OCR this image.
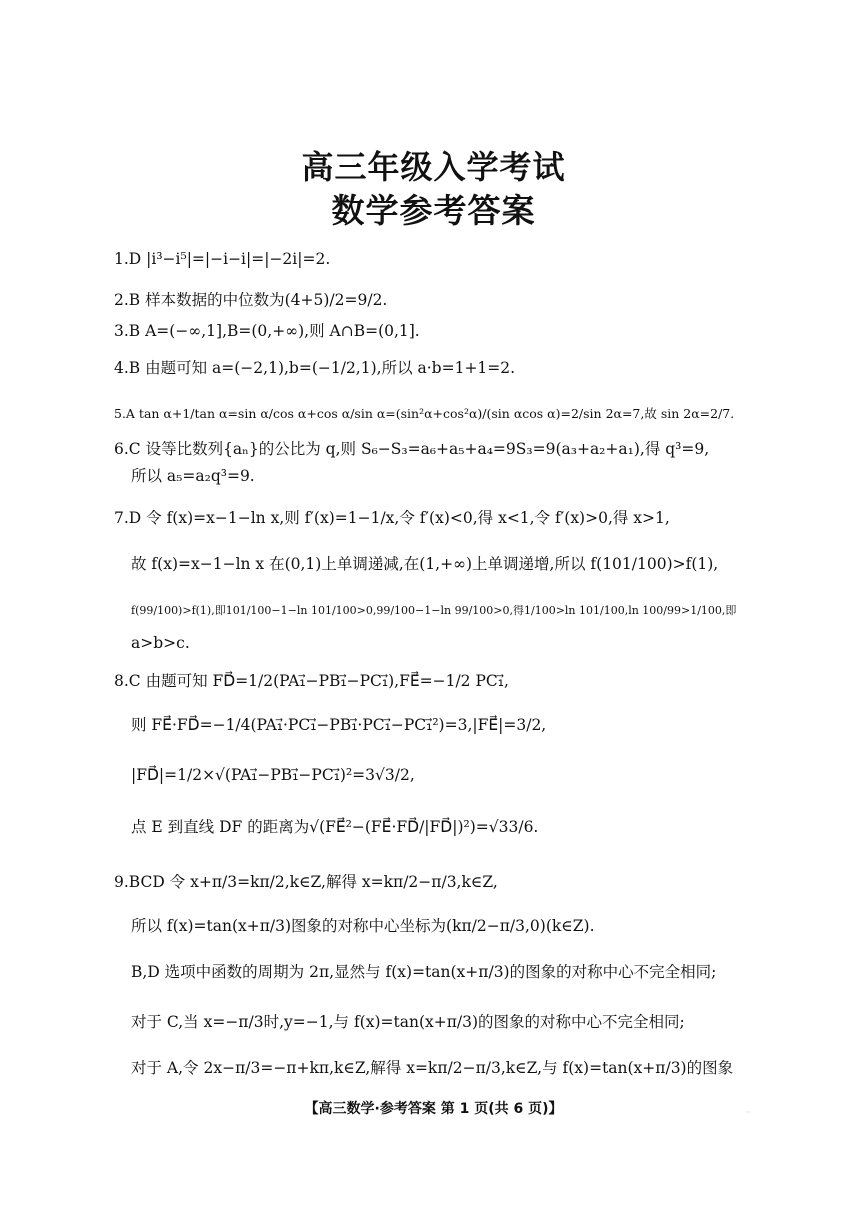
高三年级入学考试
数学参考答案
1.D |i³−i⁵|=|−i−i|=|−2i|=2.
2.B 样本数据的中位数为(4+5)/2=9/2.
3.B A=(−∞,1],B=(0,+∞),则 A∩B=(0,1].
4.B 由题可知 a=(−2,1),b=(−1/2,1),所以 a·b=1+1=2.
5.A tan α+1/tan α=sin α/cos α+cos α/sin α=(sin²α+cos²α)/(sin αcos α)=2/sin 2α=7,故 sin 2α=2/7.
6.C 设等比数列{aₙ}的公比为 q,则 S₆−S₃=a₆+a₅+a₄=9S₃=9(a₃+a₂+a₁),得 q³=9,
所以 a₅=a₂q³=9.
7.D 令 f(x)=x−1−ln x,则 f′(x)=1−1/x,令 f′(x)<0,得 x<1,令 f′(x)>0,得 x>1,
故 f(x)=x−1−ln x 在(0,1)上单调递减,在(1,+∞)上单调递增,所以 f(101/100)>f(1),
f(99/100)>f(1),即101/100−1−ln 101/100>0,99/100−1−ln 99/100>0,得1/100>ln 101/100,ln 100/99>1/100,即
a>b>c.
8.C 由题可知 FD⃗=1/2(PA₁⃗−PB₁⃗−PC₁⃗),FE⃗=−1/2 PC₁⃗,
则 FE⃗·FD⃗=−1/4(PA₁⃗·PC₁⃗−PB₁⃗·PC₁⃗−PC₁⃗²)=3,|FE⃗|=3/2,
|FD⃗|=1/2×√(PA₁⃗−PB₁⃗−PC₁⃗)²=3√3/2,
点 E 到直线 DF 的距离为√(FE⃗²−(FE⃗·FD⃗/|FD⃗|)²)=√33/6.
9.BCD 令 x+π/3=kπ/2,k∈Z,解得 x=kπ/2−π/3,k∈Z,
所以 f(x)=tan(x+π/3)图象的对称中心坐标为(kπ/2−π/3,0)(k∈Z).
B,D 选项中函数的周期为 2π,显然与 f(x)=tan(x+π/3)的图象的对称中心不完全相同;
对于 C,当 x=−π/3时,y=−1,与 f(x)=tan(x+π/3)的图象的对称中心不完全相同;
对于 A,令 2x−π/3=−π+kπ,k∈Z,解得 x=kπ/2−π/3,k∈Z,与 f(x)=tan(x+π/3)的图象
【高三数学·参考答案 第 1 页(共 6 页)】	··
